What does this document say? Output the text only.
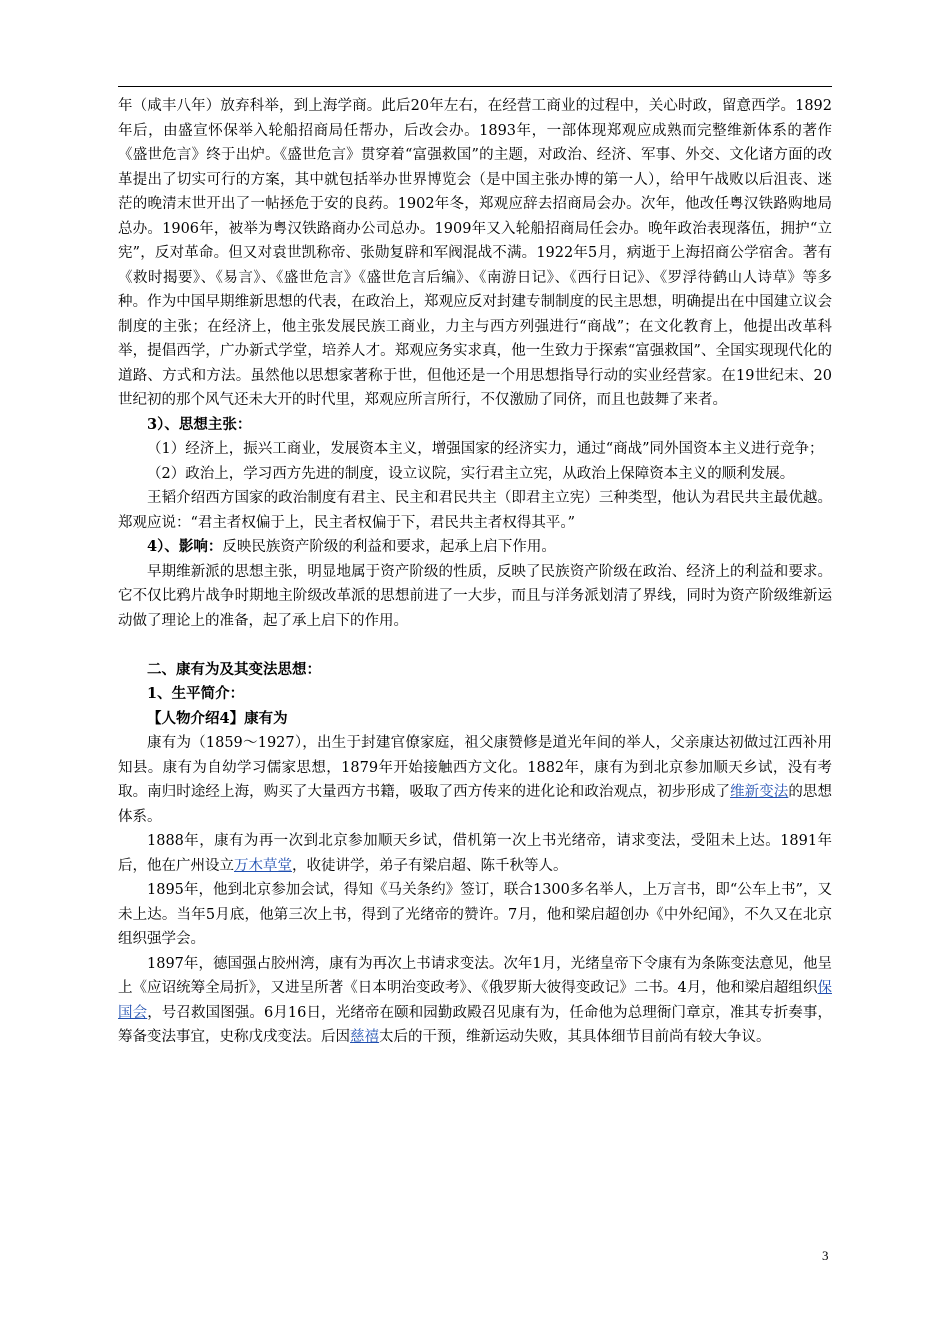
年（咸丰八年）放弃科举，到上海学商。此后20年左右，在经营工商业的过程中，关心时政，留意西学。1892年后，由盛宣怀保举入轮船招商局任帮办，后改会办。1893年，一部体现郑观应成熟而完整维新体系的著作《盛世危言》终于出炉。《盛世危言》贯穿着“富强救国”的主题，对政治、经济、军事、外交、文化诸方面的改革提出了切实可行的方案，其中就包括举办世界博览会（是中国主张办博的第一人），给甲午战败以后沮丧、迷茫的晚清末世开出了一帖拯危于安的良药。1902年冬，郑观应辞去招商局会办。次年，他改任粤汉铁路购地局总办。1906年，被举为粤汉铁路商办公司总办。1909年又入轮船招商局任会办。晚年政治表现落伍，拥护“立宪”，反对革命。但又对袁世凯称帝、张勋复辟和军阀混战不满。1922年5月，病逝于上海招商公学宿舍。著有《救时揭要》、《易言》、《盛世危言》《盛世危言后编》、《南游日记》、《西行日记》、《罗浮待鹤山人诗草》等多种。作为中国早期维新思想的代表，在政治上，郑观应反对封建专制制度的民主思想，明确提出在中国建立议会制度的主张；在经济上，他主张发展民族工商业，力主与西方列强进行“商战”；在文化教育上，他提出改革科举，提倡西学，广办新式学堂，培养人才。郑观应务实求真，他一生致力于探索“富强救国”、全国实现现代化的道路、方式和方法。虽然他以思想家著称于世，但他还是一个用思想指导行动的实业经营家。在19世纪末、20世纪初的那个风气还未大开的时代里，郑观应所言所行，不仅激励了同侪，而且也鼓舞了来者。

3）、思想主张：

（1）经济上，振兴工商业，发展资本主义，增强国家的经济实力，通过“商战”同外国资本主义进行竞争；

（2）政治上，学习西方先进的制度，设立议院，实行君主立宪，从政治上保障资本主义的顺利发展。

王韬介绍西方国家的政治制度有君主、民主和君民共主（即君主立宪）三种类型，他认为君民共主最优越。郑观应说：“君主者权偏于上，民主者权偏于下，君民共主者权得其平。”

4）、影响：反映民族资产阶级的利益和要求，起承上启下作用。

早期维新派的思想主张，明显地属于资产阶级的性质，反映了民族资产阶级在政治、经济上的利益和要求。它不仅比鸦片战争时期地主阶级改革派的思想前进了一大步，而且与洋务派划清了界线，同时为资产阶级维新运动做了理论上的准备，起了承上启下的作用。

二、康有为及其变法思想：

1、生平简介：

【人物介绍4】康有为

康有为（1859～1927），出生于封建官僚家庭，祖父康赞修是道光年间的举人，父亲康达初做过江西补用知县。康有为自幼学习儒家思想，1879年开始接触西方文化。1882年，康有为到北京参加顺天乡试，没有考取。南归时途经上海，购买了大量西方书籍，吸取了西方传来的进化论和政治观点，初步形成了维新变法的思想体系。

1888年，康有为再一次到北京参加顺天乡试，借机第一次上书光绪帝，请求变法，受阻未上达。1891年后，他在广州设立万木草堂，收徒讲学，弟子有梁启超、陈千秋等人。

1895年，他到北京参加会试，得知《马关条约》签订，联合1300多名举人，上万言书，即“公车上书”，又未上达。当年5月底，他第三次上书，得到了光绪帝的赞许。7月，他和梁启超创办《中外纪闻》，不久又在北京组织强学会。

1897年，德国强占胶州湾，康有为再次上书请求变法。次年1月，光绪皇帝下令康有为条陈变法意见，他呈上《应诏统筹全局折》，又进呈所著《日本明治变政考》、《俄罗斯大彼得变政记》二书。4月，他和梁启超组织保国会，号召救国图强。6月16日，光绪帝在颐和园勤政殿召见康有为，任命他为总理衙门章京，准其专折奏事，筹备变法事宜，史称戊戌变法。后因慈禧太后的干预，维新运动失败，其具体细节目前尚有较大争议。

3
